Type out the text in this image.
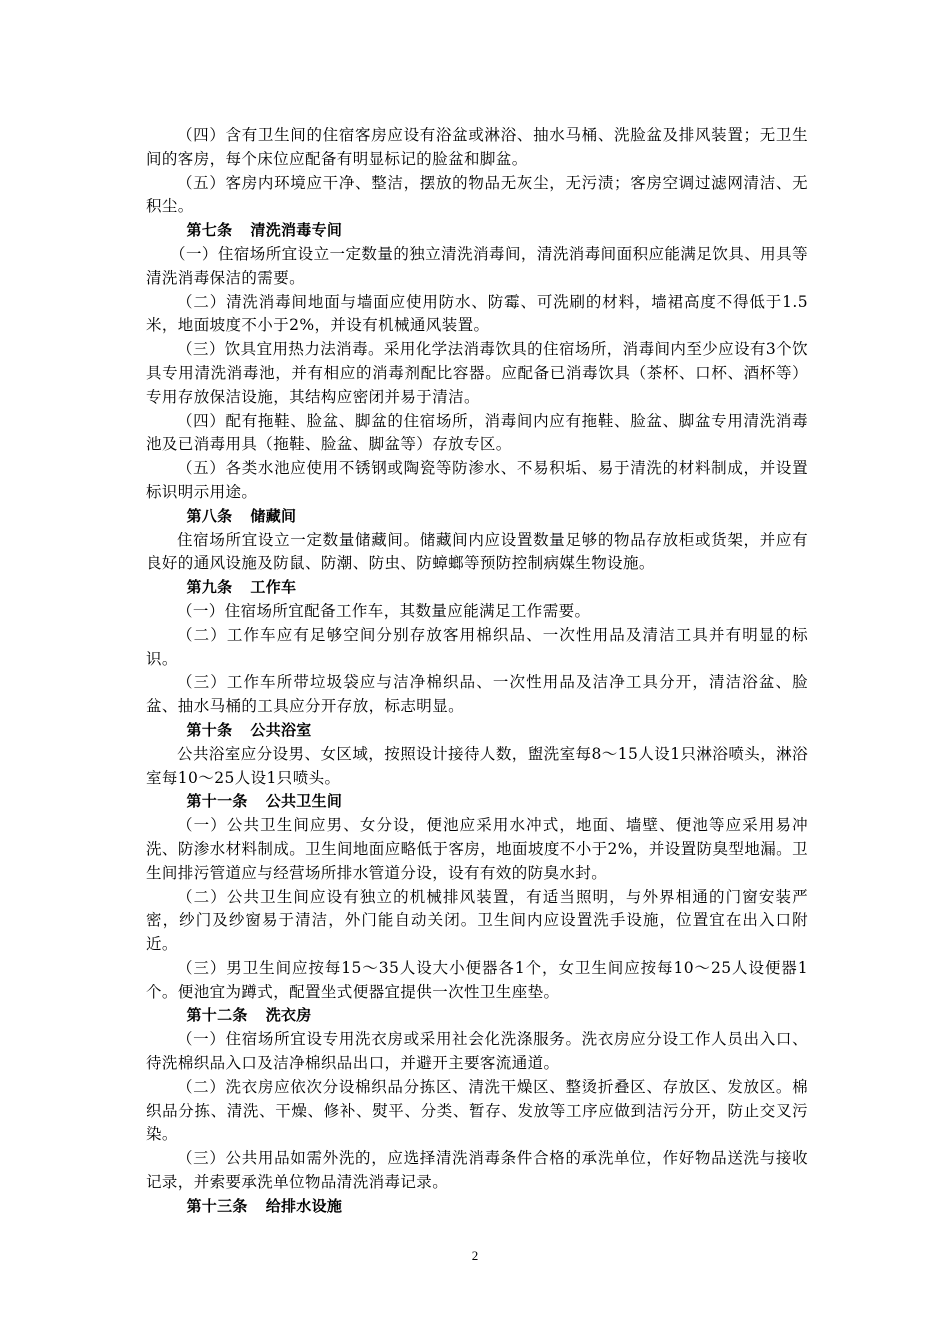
（四）含有卫生间的住宿客房应设有浴盆或淋浴、抽水马桶、洗脸盆及排风装置；无卫生间的客房，每个床位应配备有明显标记的脸盆和脚盆。

（五）客房内环境应干净、整洁，摆放的物品无灰尘，无污渍；客房空调过滤网清洁、无积尘。

第七条 清洗消毒专间

（一）住宿场所宜设立一定数量的独立清洗消毒间，清洗消毒间面积应能满足饮具、用具等清洗消毒保洁的需要。

（二）清洗消毒间地面与墙面应使用防水、防霉、可洗刷的材料，墙裙高度不得低于1.5米，地面坡度不小于2%，并设有机械通风装置。

（三）饮具宜用热力法消毒。采用化学法消毒饮具的住宿场所，消毒间内至少应设有3个饮具专用清洗消毒池，并有相应的消毒剂配比容器。应配备已消毒饮具（茶杯、口杯、酒杯等）专用存放保洁设施，其结构应密闭并易于清洁。

（四）配有拖鞋、脸盆、脚盆的住宿场所，消毒间内应有拖鞋、脸盆、脚盆专用清洗消毒池及已消毒用具（拖鞋、脸盆、脚盆等）存放专区。

（五）各类水池应使用不锈钢或陶瓷等防渗水、不易积垢、易于清洗的材料制成，并设置标识明示用途。

第八条 储藏间

住宿场所宜设立一定数量储藏间。储藏间内应设置数量足够的物品存放柜或货架，并应有良好的通风设施及防鼠、防潮、防虫、防蟑螂等预防控制病媒生物设施。

第九条 工作车

（一）住宿场所宜配备工作车，其数量应能满足工作需要。

（二）工作车应有足够空间分别存放客用棉织品、一次性用品及清洁工具并有明显的标识。

（三）工作车所带垃圾袋应与洁净棉织品、一次性用品及洁净工具分开，清洁浴盆、脸盆、抽水马桶的工具应分开存放，标志明显。

第十条 公共浴室

公共浴室应分设男、女区域，按照设计接待人数，盥洗室每8～15人设1只淋浴喷头，淋浴室每10～25人设1只喷头。

第十一条 公共卫生间

（一）公共卫生间应男、女分设，便池应采用水冲式，地面、墙壁、便池等应采用易冲洗、防渗水材料制成。卫生间地面应略低于客房，地面坡度不小于2%，并设置防臭型地漏。卫生间排污管道应与经营场所排水管道分设，设有有效的防臭水封。

（二）公共卫生间应设有独立的机械排风装置，有适当照明，与外界相通的门窗安装严密，纱门及纱窗易于清洁，外门能自动关闭。卫生间内应设置洗手设施，位置宜在出入口附近。

（三）男卫生间应按每15～35人设大小便器各1个，女卫生间应按每10～25人设便器1个。便池宜为蹲式，配置坐式便器宜提供一次性卫生座垫。

第十二条 洗衣房

（一）住宿场所宜设专用洗衣房或采用社会化洗涤服务。洗衣房应分设工作人员出入口、待洗棉织品入口及洁净棉织品出口，并避开主要客流通道。

（二）洗衣房应依次分设棉织品分拣区、清洗干燥区、整烫折叠区、存放区、发放区。棉织品分拣、清洗、干燥、修补、熨平、分类、暂存、发放等工序应做到洁污分开，防止交叉污染。

（三）公共用品如需外洗的，应选择清洗消毒条件合格的承洗单位，作好物品送洗与接收记录，并索要承洗单位物品清洗消毒记录。

第十三条 给排水设施

2
